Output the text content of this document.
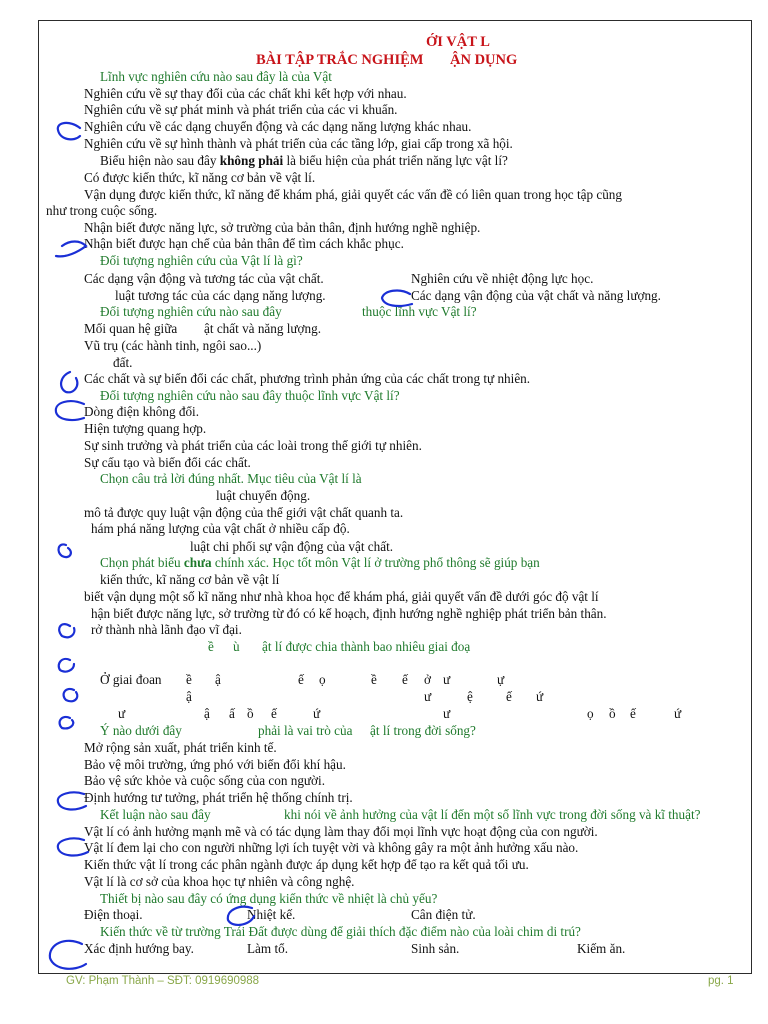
ỚI VẬT L
BÀI TẬP TRẮC NGHIỆM ẬN DỤNG
Lĩnh vực nghiên cứu nào sau đây là của Vật
Nghiên cứu về sự thay đổi của các chất khi kết hợp với nhau.
Nghiên cứu về sự phát minh và phát triển của các vi khuẩn.
Nghiên cứu về các dạng chuyển động và các dạng năng lượng khác nhau.
Nghiên cứu về sự hình thành và phát triển của các tầng lớp, giai cấp trong xã hội.
Biểu hiện nào sau đây không phải là biểu hiện của phát triển năng lực vật lí?
Có được kiến thức, kĩ năng cơ bản về vật lí.
Vận dụng được kiến thức, kĩ năng để khám phá, giải quyết các vấn đề có liên quan trong học tập cũng
như trong cuộc sống.
Nhận biết được năng lực, sở trường của bản thân, định hướng nghề nghiệp.
Nhận biết được hạn chế của bản thân để tìm cách khắc phục.
Đối tượng nghiên cứu của Vật lí là gì?
Các dạng vận động và tương tác của vật chất.	Nghiên cứu về nhiệt động lực học.
luật tương tác của các dạng năng lượng.	Các dạng vận động của vật chất và năng lượng.
Đối tượng nghiên cứu nào sau đây	thuộc lĩnh vực Vật lí?
Mối quan hệ giữa ật chất và năng lượng.
Vũ trụ (các hành tinh, ngôi sao...)
đất.
Các chất và sự biến đổi các chất, phương trình phản ứng của các chất trong tự nhiên.
Đối tượng nghiên cứu nào sau đây thuộc lĩnh vực Vật lí?
Dòng điện không đổi.
Hiện tượng quang hợp.
Sự sinh trưởng và phát triển của các loài trong thế giới tự nhiên.
Sự cấu tạo và biến đổi các chất.
Chọn câu trả lời đúng nhất. Mục tiêu của Vật lí là
luật chuyển động.
mô tả được quy luật vận động của thế giới vật chất quanh ta.
hám phá năng lượng của vật chất ở nhiều cấp độ.
luật chi phối sự vận động của vật chất.
Chọn phát biểu chưa chính xác. Học tốt môn Vật lí ở trường phổ thông sẽ giúp bạn
kiến thức, kĩ năng cơ bản về vật lí
biết vận dụng một số kĩ năng như nhà khoa học để khám phá, giải quyết vấn đề dưới góc độ vật lí
hận biết được năng lực, sở trường từ đó có kế hoạch, định hướng nghề nghiệp phát triển bản thân.
rở thành nhà lãnh đạo vĩ đại.
ề ù ật lí được chia thành bao nhiêu giai đoạ
Ở giai đoan ề ậ	ế ọ	ề ế ở ư	ự
ậ	ư	ệ	ế ứ
ư	ậ ấ ồ ế	ứ	ư	ọ ồ ế	ứ
Ý nào dưới đây	phải là vai trò của ật lí trong đời sống?
Mở rộng sản xuất, phát triển kinh tế.
Bảo vệ môi trường, ứng phó với biến đổi khí hậu.
Bảo vệ sức khỏe và cuộc sống của con người.
Định hướng tư tưởng, phát triển hệ thống chính trị.
Kết luận nào sau đây	khi nói về ảnh hưởng của vật lí đến một số lĩnh vực trong đời sống và kĩ thuật?
Vật lí có ảnh hưởng mạnh mẽ và có tác dụng làm thay đổi mọi lĩnh vực hoạt động của con người.
Vật lí đem lại cho con người những lợi ích tuyệt vời và không gây ra một ảnh hưởng xấu nào.
Kiến thức vật lí trong các phân ngành được áp dụng kết hợp để tạo ra kết quả tối ưu.
Vật lí là cơ sở của khoa học tự nhiên và công nghệ.
Thiết bị nào sau đây có ứng dụng kiến thức về nhiệt là chủ yếu?
Điện thoại.	Nhiệt kế.	Cân điện tử.
Kiến thức về từ trường Trái Đất được dùng để giải thích đặc điểm nào của loài chim di trú?
Xác định hướng bay.	Làm tổ.	Sinh sản.	Kiếm ăn.
GV: Phạm Thành – SĐT: 0919690988	pg. 1
